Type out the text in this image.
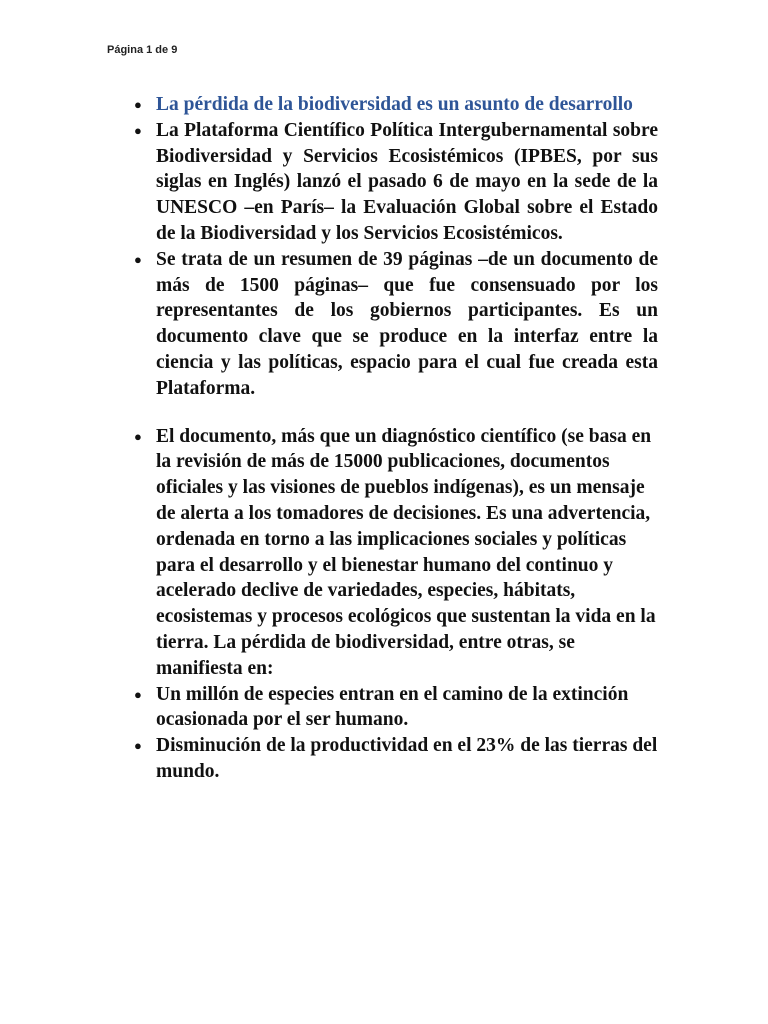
Página 1 de 9
● La pérdida de la biodiversidad es un asunto de desarrollo
● La Plataforma Científico Política Intergubernamental sobre Biodiversidad y Servicios Ecosistémicos (IPBES, por sus siglas en Inglés) lanzó el pasado 6 de mayo en la sede de la UNESCO –en París– la Evaluación Global sobre el Estado de la Biodiversidad y los Servicios Ecosistémicos.
● Se trata de un resumen de 39 páginas –de un documento de más de 1500 páginas– que fue consensuado por los representantes de los gobiernos participantes. Es un documento clave que se produce en la interfaz entre la ciencia y las políticas, espacio para el cual fue creada esta Plataforma.
● El documento, más que un diagnóstico científico (se basa en la revisión de más de 15000 publicaciones, documentos oficiales y las visiones de pueblos indígenas), es un mensaje de alerta a los tomadores de decisiones. Es una advertencia, ordenada en torno a las implicaciones sociales y políticas para el desarrollo y el bienestar humano del continuo y acelerado declive de variedades, especies, hábitats, ecosistemas y procesos ecológicos que sustentan la vida en la tierra. La pérdida de biodiversidad, entre otras, se manifiesta en:
● Un millón de especies entran en el camino de la extinción ocasionada por el ser humano.
● Disminución de la productividad en el 23% de las tierras del mundo.
